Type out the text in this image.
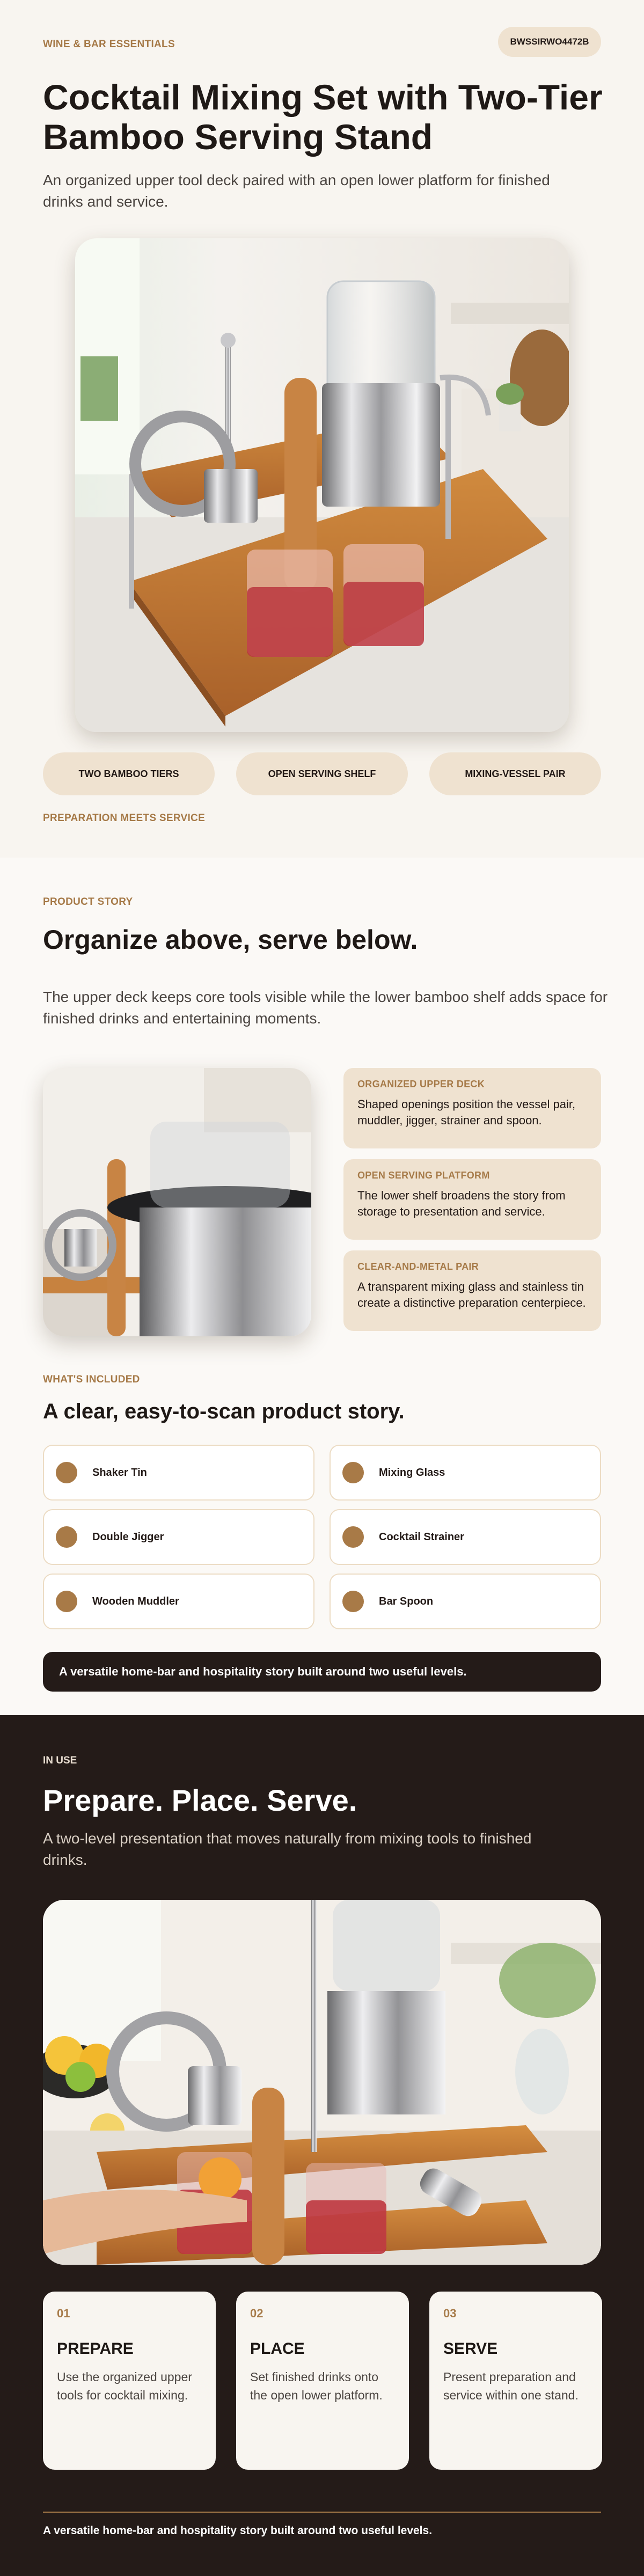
WINE & BAR ESSENTIALS	BWSSIRWO4472B
Cocktail Mixing Set with Two-Tier
Bamboo Serving Stand
An organized upper tool deck paired with an open lower platform for finished drinks and service.
TWO BAMBOO TIERS	OPEN SERVING SHELF	MIXING-VESSEL PAIR
PREPARATION MEETS SERVICE
PRODUCT STORY
Organize above, serve below.
The upper deck keeps core tools visible while the lower bamboo shelf adds space for finished drinks and entertaining moments.
ORGANIZED UPPER DECK
Shaped openings position the vessel pair, muddler, jigger, strainer and spoon.
OPEN SERVING PLATFORM
The lower shelf broadens the story from storage to presentation and service.
CLEAR-AND-METAL PAIR
A transparent mixing glass and stainless tin create a distinctive preparation centerpiece.
WHAT'S INCLUDED
A clear, easy-to-scan product story.
Shaker Tin	Mixing Glass
Double Jigger	Cocktail Strainer
Wooden Muddler	Bar Spoon
A versatile home-bar and hospitality story built around two useful levels.
IN USE
Prepare. Place. Serve.
A two-level presentation that moves naturally from mixing tools to finished drinks.
01
PREPARE
Use the organized upper tools for cocktail mixing.
02
PLACE
Set finished drinks onto the open lower platform.
03
SERVE
Present preparation and service within one stand.
A versatile home-bar and hospitality story built around two useful levels.
